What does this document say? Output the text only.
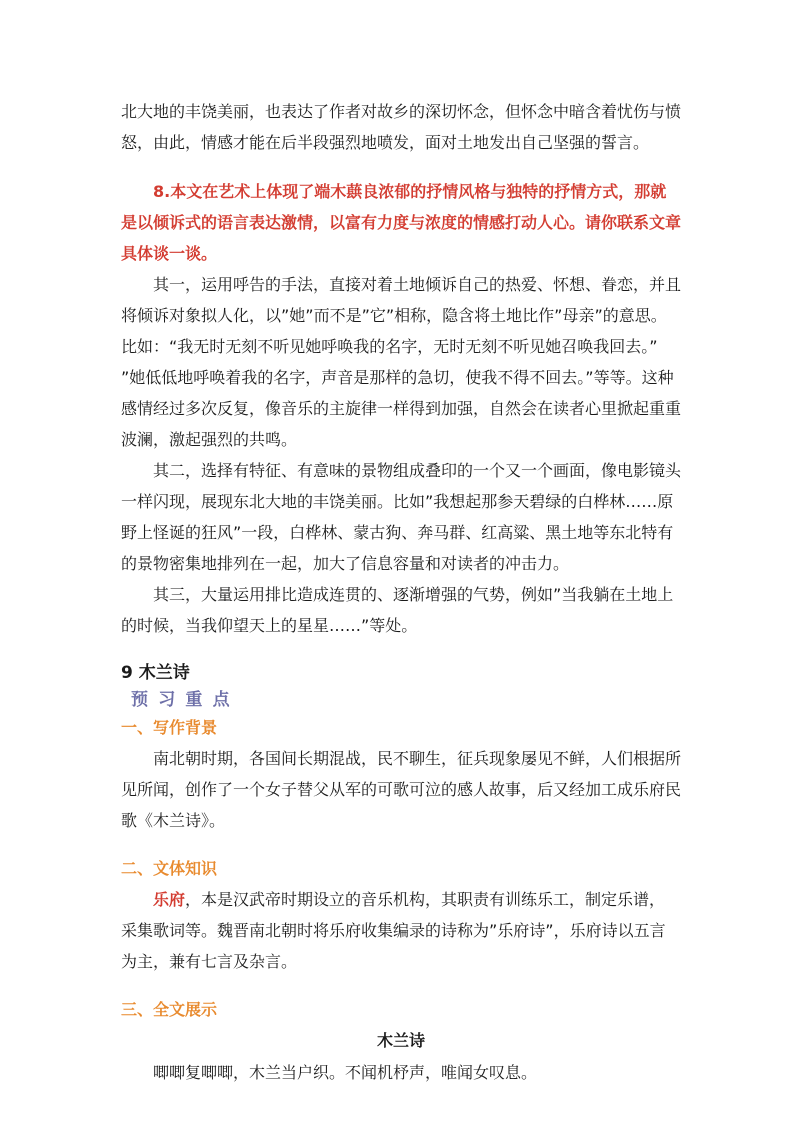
北大地的丰饶美丽，也表达了作者对故乡的深切怀念，但怀念中暗含着忧伤与愤怒，由此，情感才能在后半段强烈地喷发，面对土地发出自己坚强的誓言。

8.本文在艺术上体现了端木蕻良浓郁的抒情风格与独特的抒情方式，那就是以倾诉式的语言表达激情，以富有力度与浓度的情感打动人心。请你联系文章具体谈一谈。

其一，运用呼告的手法，直接对着土地倾诉自己的热爱、怀想、眷恋，并且将倾诉对象拟人化，以”她”而不是”它”相称，隐含将土地比作”母亲”的意思。比如：“我无时无刻不听见她呼唤我的名字，无时无刻不听见她召唤我回去。” ”她低低地呼唤着我的名字，声音是那样的急切，使我不得不回去。”等等。这种感情经过多次反复，像音乐的主旋律一样得到加强，自然会在读者心里掀起重重波澜，激起强烈的共鸣。

其二，选择有特征、有意味的景物组成叠印的一个又一个画面，像电影镜头一样闪现，展现东北大地的丰饶美丽。比如”我想起那参天碧绿的白桦林……原野上怪诞的狂风”一段，白桦林、蒙古狗、奔马群、红高粱、黑土地等东北特有的景物密集地排列在一起，加大了信息容量和对读者的冲击力。

其三，大量运用排比造成连贯的、逐渐增强的气势，例如”当我躺在土地上的时候，当我仰望天上的星星……”等处。

9 木兰诗
预习重点
一、写作背景

南北朝时期，各国间长期混战，民不聊生，征兵现象屡见不鲜，人们根据所见所闻，创作了一个女子替父从军的可歌可泣的感人故事，后又经加工成乐府民歌《木兰诗》。

二、文体知识

乐府，本是汉武帝时期设立的音乐机构，其职责有训练乐工，制定乐谱，采集歌词等。魏晋南北朝时将乐府收集编录的诗称为”乐府诗”，乐府诗以五言为主，兼有七言及杂言。

三、全文展示
木兰诗

唧唧复唧唧，木兰当户织。不闻机杼声，唯闻女叹息。
